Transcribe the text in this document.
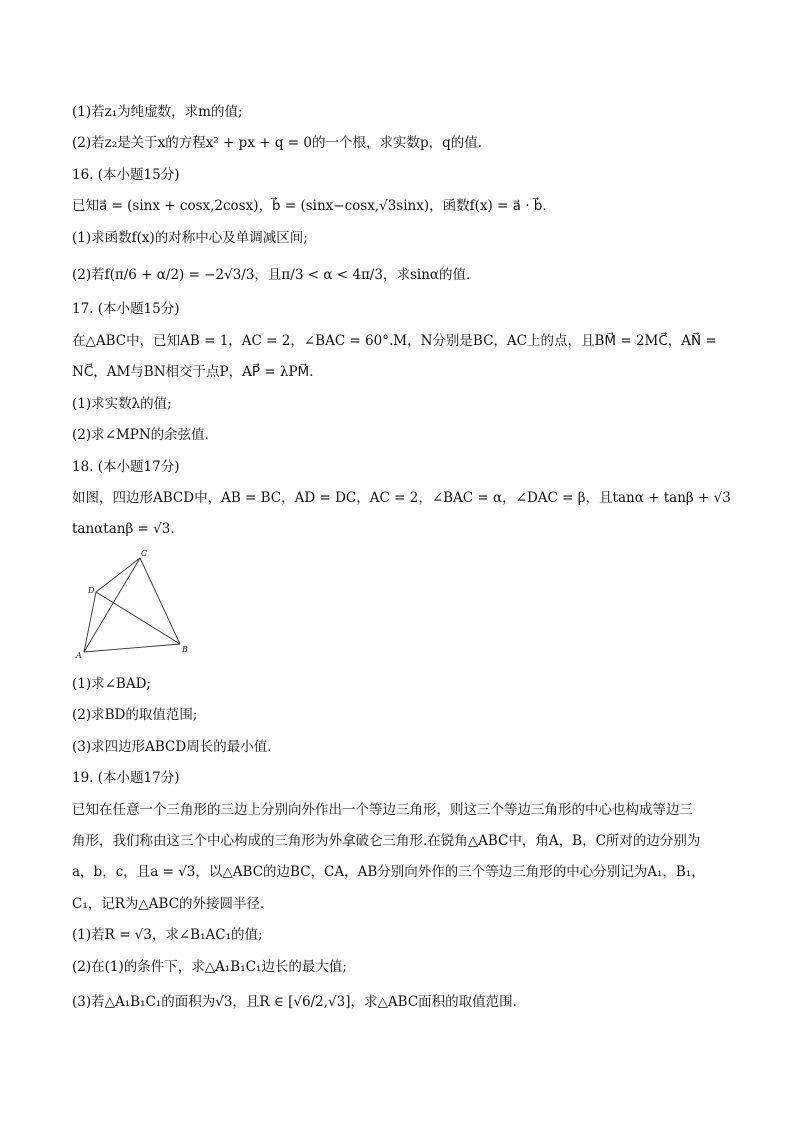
(1)若z₁为纯虚数，求m的值;
(2)若z₂是关于x的方程x² + px + q = 0的一个根，求实数p，q的值．
16. (本小题15分)
已知a⃗ = (sinx + cosx,2cosx)，b⃗ = (sinx−cosx,√3sinx)，函数f(x) = a⃗ · b⃗．
(1)求函数f(x)的对称中心及单调减区间;
(2)若f(π/6 + α/2) = −2√3/3，且π/3 < α < 4π/3，求sinα的值．
17. (本小题15分)
在△ABC中，已知AB = 1，AC = 2，∠BAC = 60°.M，N分别是BC，AC上的点，且BM⃗ = 2MC⃗，AN⃗ =
NC⃗，AM与BN相交于点P，AP⃗ = λPM⃗．
(1)求实数λ的值;
(2)求∠MPN的余弦值．
18. (本小题17分)
如图，四边形ABCD中，AB = BC，AD = DC，AC = 2，∠BAC = α，∠DAC = β，且tanα + tanβ + √3
tanαtanβ = √3．
C
D
A
B
(1)求∠BAD;
(2)求BD的取值范围;
(3)求四边形ABCD周长的最小值．
19. (本小题17分)
已知在任意一个三角形的三边上分别向外作出一个等边三角形，则这三个等边三角形的中心也构成等边三
角形，我们称由这三个中心构成的三角形为外拿破仑三角形.在锐角△ABC中，角A，B，C所对的边分别为
a，b，c，且a = √3，以△ABC的边BC，CA，AB分别向外作的三个等边三角形的中心分别记为A₁，B₁，
C₁，记R为△ABC的外接圆半径．
(1)若R = √3，求∠B₁AC₁的值;
(2)在(1)的条件下，求△A₁B₁C₁边长的最大值;
(3)若△A₁B₁C₁的面积为√3，且R ∈ [√6/2,√3]，求△ABC面积的取值范围．
